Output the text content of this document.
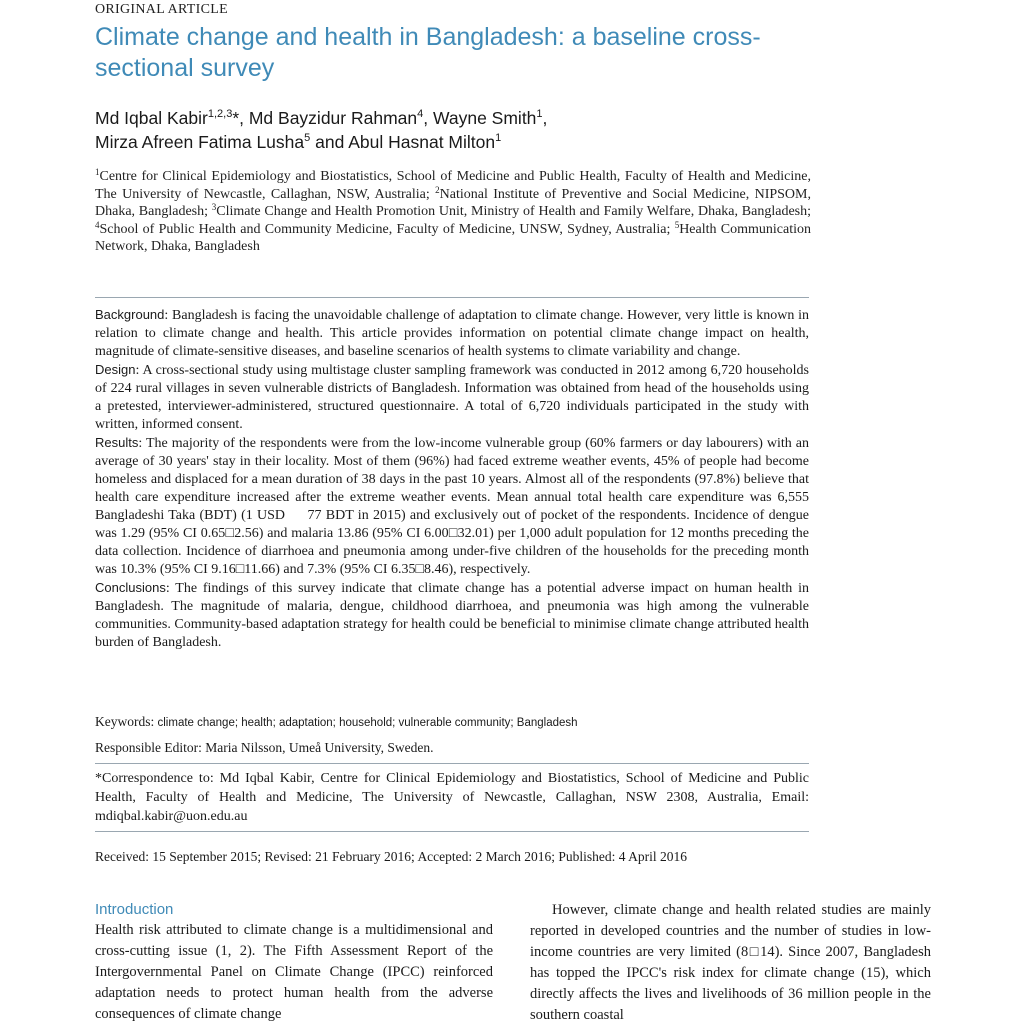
ORIGINAL ARTICLE
Climate change and health in Bangladesh: a baseline cross-sectional survey
Md Iqbal Kabir$^{1,2,3}$*, Md Bayzidur Rahman$^4$, Wayne Smith$^1$,
Mirza Afreen Fatima Lusha$^5$ and Abul Hasnat Milton$^1$
$^1$Centre for Clinical Epidemiology and Biostatistics, School of Medicine and Public Health, Faculty of Health and Medicine, The University of Newcastle, Callaghan, NSW, Australia; $^2$National Institute of Preventive and Social Medicine, NIPSOM, Dhaka, Bangladesh; $^3$Climate Change and Health Promotion Unit, Ministry of Health and Family Welfare, Dhaka, Bangladesh; $^4$School of Public Health and Community Medicine, Faculty of Medicine, UNSW, Sydney, Australia; $^5$Health Communication Network, Dhaka, Bangladesh

Background: Bangladesh is facing the unavoidable challenge of adaptation to climate change. However, very little is known in relation to climate change and health. This article provides information on potential climate change impact on health, magnitude of climate-sensitive diseases, and baseline scenarios of health systems to climate variability and change.

Design: A cross-sectional study using multistage cluster sampling framework was conducted in 2012 among 6,720 households of 224 rural villages in seven vulnerable districts of Bangladesh. Information was obtained from head of the households using a pretested, interviewer-administered, structured questionnaire. A total of 6,720 individuals participated in the study with written, informed consent.

Results: The majority of the respondents were from the low-income vulnerable group (60% farmers or day labourers) with an average of 30 years' stay in their locality. Most of them (96%) had faced extreme weather events, 45% of people had become homeless and displaced for a mean duration of 38 days in the past 10 years. Almost all of the respondents (97.8%) believe that health care expenditure increased after the extreme weather events. Mean annual total health care expenditure was 6,555 Bangladeshi Taka (BDT) (1 USD   77 BDT in 2015) and exclusively out of pocket of the respondents. Incidence of dengue was 1.29 (95% CI 0.65□2.56) and malaria 13.86 (95% CI 6.00□32.01) per 1,000 adult population for 12 months preceding the data collection. Incidence of diarrhoea and pneumonia among under-five children of the households for the preceding month was 10.3% (95% CI 9.16□11.66) and 7.3% (95% CI 6.35□8.46), respectively.

Conclusions: The findings of this survey indicate that climate change has a potential adverse impact on human health in Bangladesh. The magnitude of malaria, dengue, childhood diarrhoea, and pneumonia was high among the vulnerable communities. Community-based adaptation strategy for health could be beneficial to minimise climate change attributed health burden of Bangladesh.

Keywords: climate change; health; adaptation; household; vulnerable community; Bangladesh
Responsible Editor: Maria Nilsson, Umeå University, Sweden.
*Correspondence to: Md Iqbal Kabir, Centre for Clinical Epidemiology and Biostatistics, School of Medicine and Public Health, Faculty of Health and Medicine, The University of Newcastle, Callaghan, NSW 2308, Australia, Email: mdiqbal.kabir@uon.edu.au
Received: 15 September 2015; Revised: 21 February 2016; Accepted: 2 March 2016; Published: 4 April 2016
Introduction

Health risk attributed to climate change is a multidimensional and cross-cutting issue (1, 2). The Fifth Assessment Report of the Intergovernmental Panel on Climate Change (IPCC) reinforced adaptation needs to protect human health from the adverse consequences of climate change

However, climate change and health related studies are mainly reported in developed countries and the number of studies in low-income countries are very limited (8□14). Since 2007, Bangladesh has topped the IPCC's risk index for climate change (15), which directly affects the lives and livelihoods of 36 million people in the southern coastal
